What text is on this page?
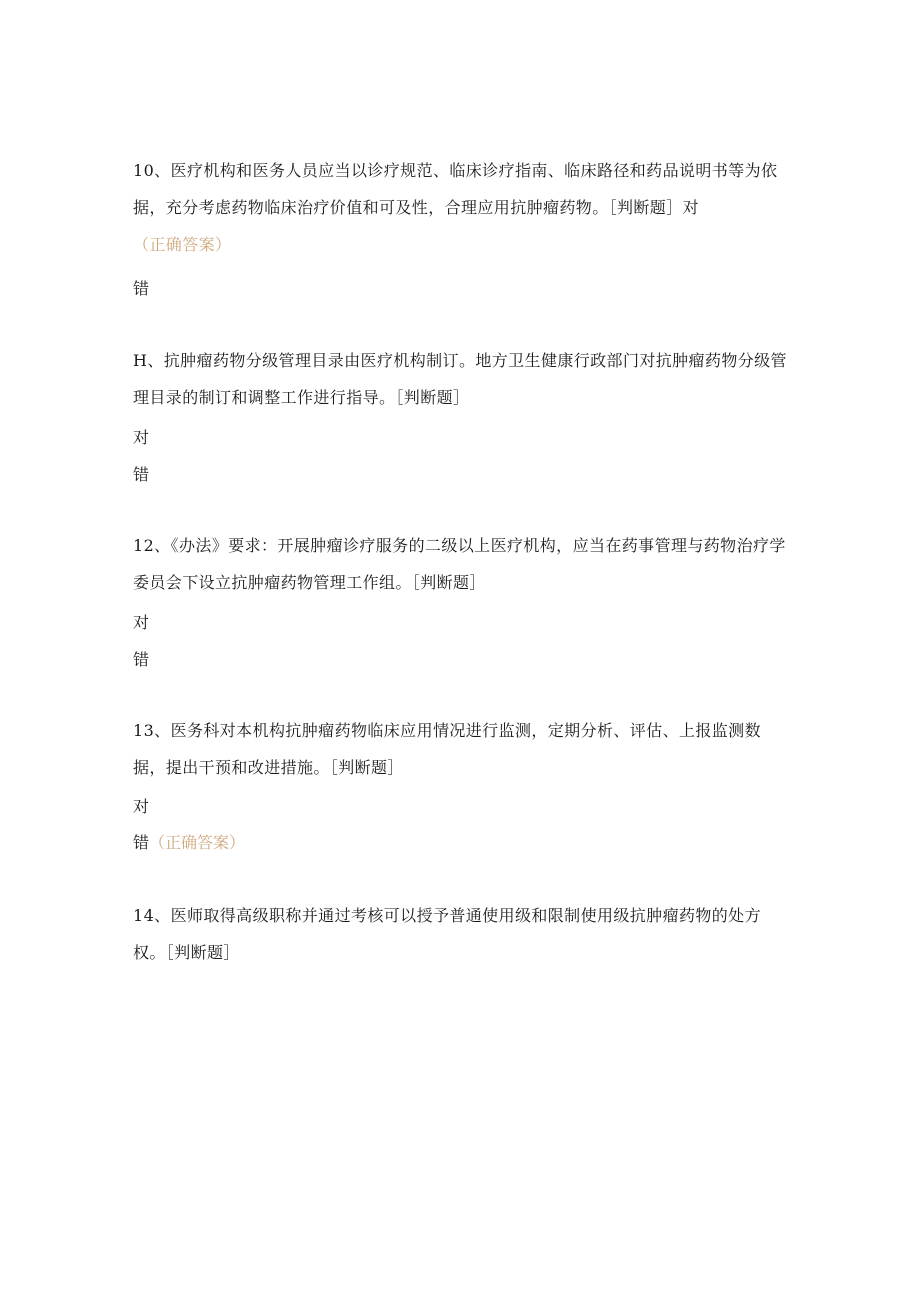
10、医疗机构和医务人员应当以诊疗规范、临床诊疗指南、临床路径和药品说明书等为依据，充分考虑药物临床治疗价值和可及性，合理应用抗肿瘤药物。［判断题］对（正确答案）

错

H、抗肿瘤药物分级管理目录由医疗机构制订。地方卫生健康行政部门对抗肿瘤药物分级管理目录的制订和调整工作进行指导。［判断题］

对
错

12、《办法》要求：开展肿瘤诊疗服务的二级以上医疗机构，应当在药事管理与药物治疗学委员会下设立抗肿瘤药物管理工作组。［判断题］

对
错

13、医务科对本机构抗肿瘤药物临床应用情况进行监测，定期分析、评估、上报监测数据，提出干预和改进措施。［判断题］

对
错（正确答案）

14、医师取得高级职称并通过考核可以授予普通使用级和限制使用级抗肿瘤药物的处方权。［判断题］
